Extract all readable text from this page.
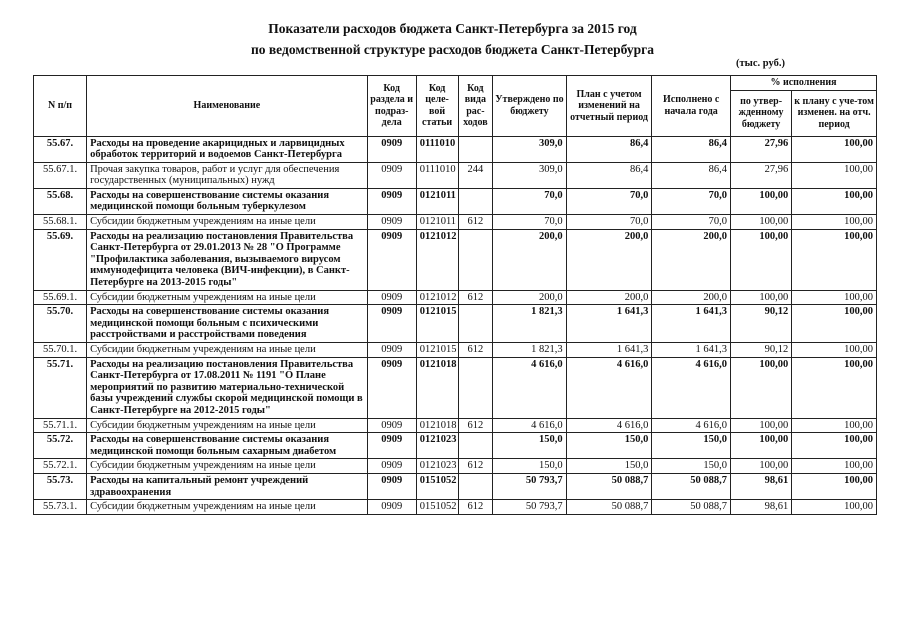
Показатели расходов бюджета Санкт-Петербурга за 2015 год
по ведомственной структуре расходов бюджета Санкт-Петербурга
(тыс. руб.)
N п/п	Наименование	Код раздела и подраз-дела	Код целе-вой статьи	Код вида рас-ходов	Утверждено по бюджету	План с учетом изменений на отчетный период	Исполнено с начала года	% исполнения	
								по утвер-жденному бюджету	к плану с уче-том изменен. на отч. период
55.67.	Расходы на проведение акарицидных и ларвицидных обработок территорий и водоемов Санкт-Петербурга	0909	0111010		309,0	86,4	86,4	27,96	100,00
55.67.1.	Прочая закупка товаров, работ и услуг для обеспечения государственных (муниципальных) нужд	0909	0111010	244	309,0	86,4	86,4	27,96	100,00
55.68.	Расходы на совершенствование системы оказания медицинской помощи больным туберкулезом	0909	0121011		70,0	70,0	70,0	100,00	100,00
55.68.1.	Субсидии бюджетным учреждениям на иные цели	0909	0121011	612	70,0	70,0	70,0	100,00	100,00
55.69.	Расходы на реализацию постановления Правительства Санкт-Петербурга от 29.01.2013 № 28 "О Программе "Профилактика заболевания, вызываемого вирусом иммунодефицита человека (ВИЧ-инфекции), в Санкт-Петербурге на 2013-2015 годы"	0909	0121012		200,0	200,0	200,0	100,00	100,00
55.69.1.	Субсидии бюджетным учреждениям на иные цели	0909	0121012	612	200,0	200,0	200,0	100,00	100,00
55.70.	Расходы на совершенствование системы оказания медицинской помощи больным с психическими расстройствами и расстройствами поведения	0909	0121015		1 821,3	1 641,3	1 641,3	90,12	100,00
55.70.1.	Субсидии бюджетным учреждениям на иные цели	0909	0121015	612	1 821,3	1 641,3	1 641,3	90,12	100,00
55.71.	Расходы на реализацию постановления Правительства Санкт-Петербурга от 17.08.2011 № 1191 "О Плане мероприятий по развитию материально-технической базы учреждений службы скорой медицинской помощи в Санкт-Петербурге на 2012-2015 годы"	0909	0121018		4 616,0	4 616,0	4 616,0	100,00	100,00
55.71.1.	Субсидии бюджетным учреждениям на иные цели	0909	0121018	612	4 616,0	4 616,0	4 616,0	100,00	100,00
55.72.	Расходы на совершенствование системы оказания медицинской помощи больным сахарным диабетом	0909	0121023		150,0	150,0	150,0	100,00	100,00
55.72.1.	Субсидии бюджетным учреждениям на иные цели	0909	0121023	612	150,0	150,0	150,0	100,00	100,00
55.73.	Расходы на капитальный ремонт учреждений здравоохранения	0909	0151052		50 793,7	50 088,7	50 088,7	98,61	100,00
55.73.1.	Субсидии бюджетным учреждениям на иные цели	0909	0151052	612	50 793,7	50 088,7	50 088,7	98,61	100,00
